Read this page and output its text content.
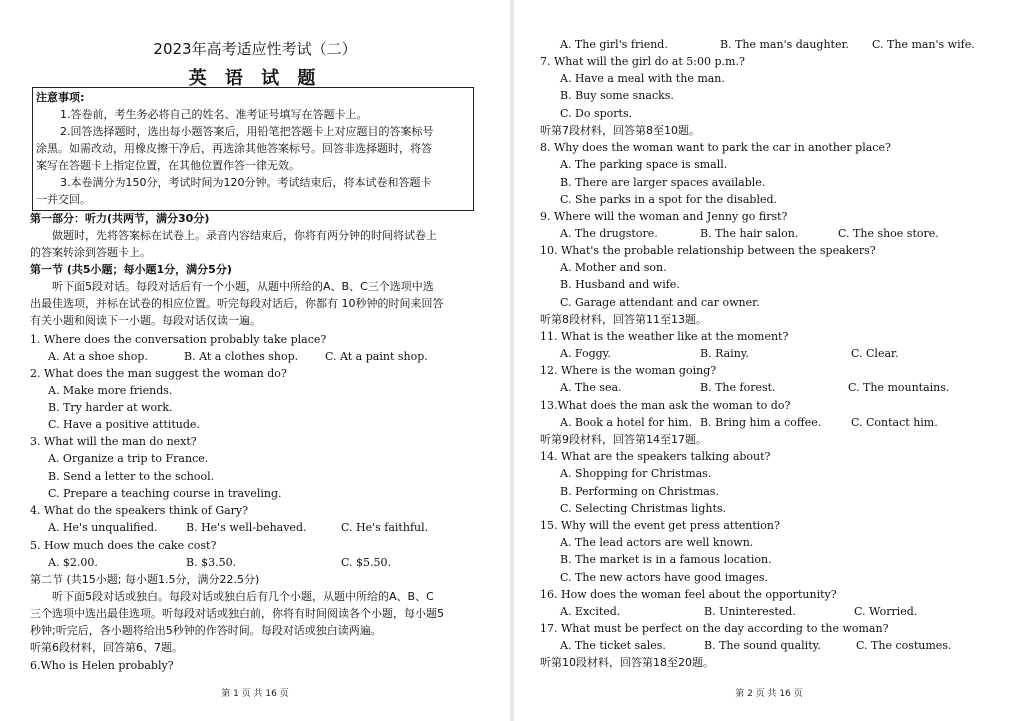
2023年高考适应性考试（二）
英 语 试 题
注意事项:
1.答卷前，考生务必将自己的姓名、准考证号填写在答题卡上。
2.回答选择题时，选出每小题答案后，用铅笔把答题卡上对应题目的答案标号
涂黑。如需改动，用橡皮擦干净后，再选涂其他答案标号。回答非选择题时，将答
案写在答题卡上指定位置，在其他位置作答一律无效。
3.本卷满分为150分，考试时间为120分钟。考试结束后，将本试卷和答题卡
一并交回。
第一部分：听力(共两节，满分30分)
做题时，先将答案标在试卷上。录音内容结束后，你将有两分钟的时间将试卷上
的答案转涂到答题卡上。
第一节 (共5小题；每小题1分，满分5分)
听下面5段对话。每段对话后有一个小题，从题中所给的A、B、C三个选项中选
出最佳选项，并标在试卷的相应位置。听完每段对话后，你都有 10秒钟的时间来回答
有关小题和阅读下一小题。每段对话仅读一遍。
1. Where does the conversation probably take place?
A. At a shoe shop.	B. At a clothes shop. C. At a paint shop.
2. What does the man suggest the woman do?
A. Make more friends.
B. Try harder at work.
C. Have a positive attitude.
3. What will the man do next?
A. Organize a trip to France.
B. Send a letter to the school.
C. Prepare a teaching course in traveling.
4. What do the speakers think of Gary?
A. He's unqualified.	B. He's well-behaved.	C. He's faithful.
5. How much does the cake cost?
A. $2.00.	B. $3.50.	C. $5.50.
第二节 (共15小题; 每小题1.5分，满分22.5分)
听下面5段对话或独白。每段对话或独白后有几个小题，从题中所给的A、B、C
三个选项中选出最佳选项。听每段对话或独白前，你将有时间阅读各个小题，每小题5
秒钟;听完后，各小题将给出5秒钟的作答时间。每段对话或独白读两遍。
听第6段材料，回答第6、7题。
6.Who is Helen probably?
第 1 页 共 16 页
A. The girl's friend.	B. The man's daughter. C. The man's wife.
7. What will the girl do at 5:00 p.m.?
A. Have a meal with the man.
B. Buy some snacks.
C. Do sports.
听第7段材料，回答第8至10题。
8. Why does the woman want to park the car in another place?
A. The parking space is small.
B. There are larger spaces available.
C. She parks in a spot for the disabled.
9. Where will the woman and Jenny go first?
A. The drugstore.	B. The hair salon.	C. The shoe store.
10. What's the probable relationship between the speakers?
A. Mother and son.
B. Husband and wife.
C. Garage attendant and car owner.
听第8段材料，回答第11至13题。
11. What is the weather like at the moment?
A. Foggy.	B. Rainy.	C. Clear.
12. Where is the woman going?
A. The sea.	B. The forest.	C. The mountains.
13.What does the man ask the woman to do?
A. Book a hotel for him. B. Bring him a coffee.	C. Contact him.
听第9段材料，回答第14至17题。
14. What are the speakers talking about?
A. Shopping for Christmas.
B. Performing on Christmas.
C. Selecting Christmas lights.
15. Why will the event get press attention?
A. The lead actors are well known.
B. The market is in a famous location.
C. The new actors have good images.
16. How does the woman feel about the opportunity?
A. Excited.	B. Uninterested.	C. Worried.
17. What must be perfect on the day according to the woman?
A. The ticket sales.	B. The sound quality.	C. The costumes.
听第10段材料，回答第18至20题。
第 2 页 共 16 页
